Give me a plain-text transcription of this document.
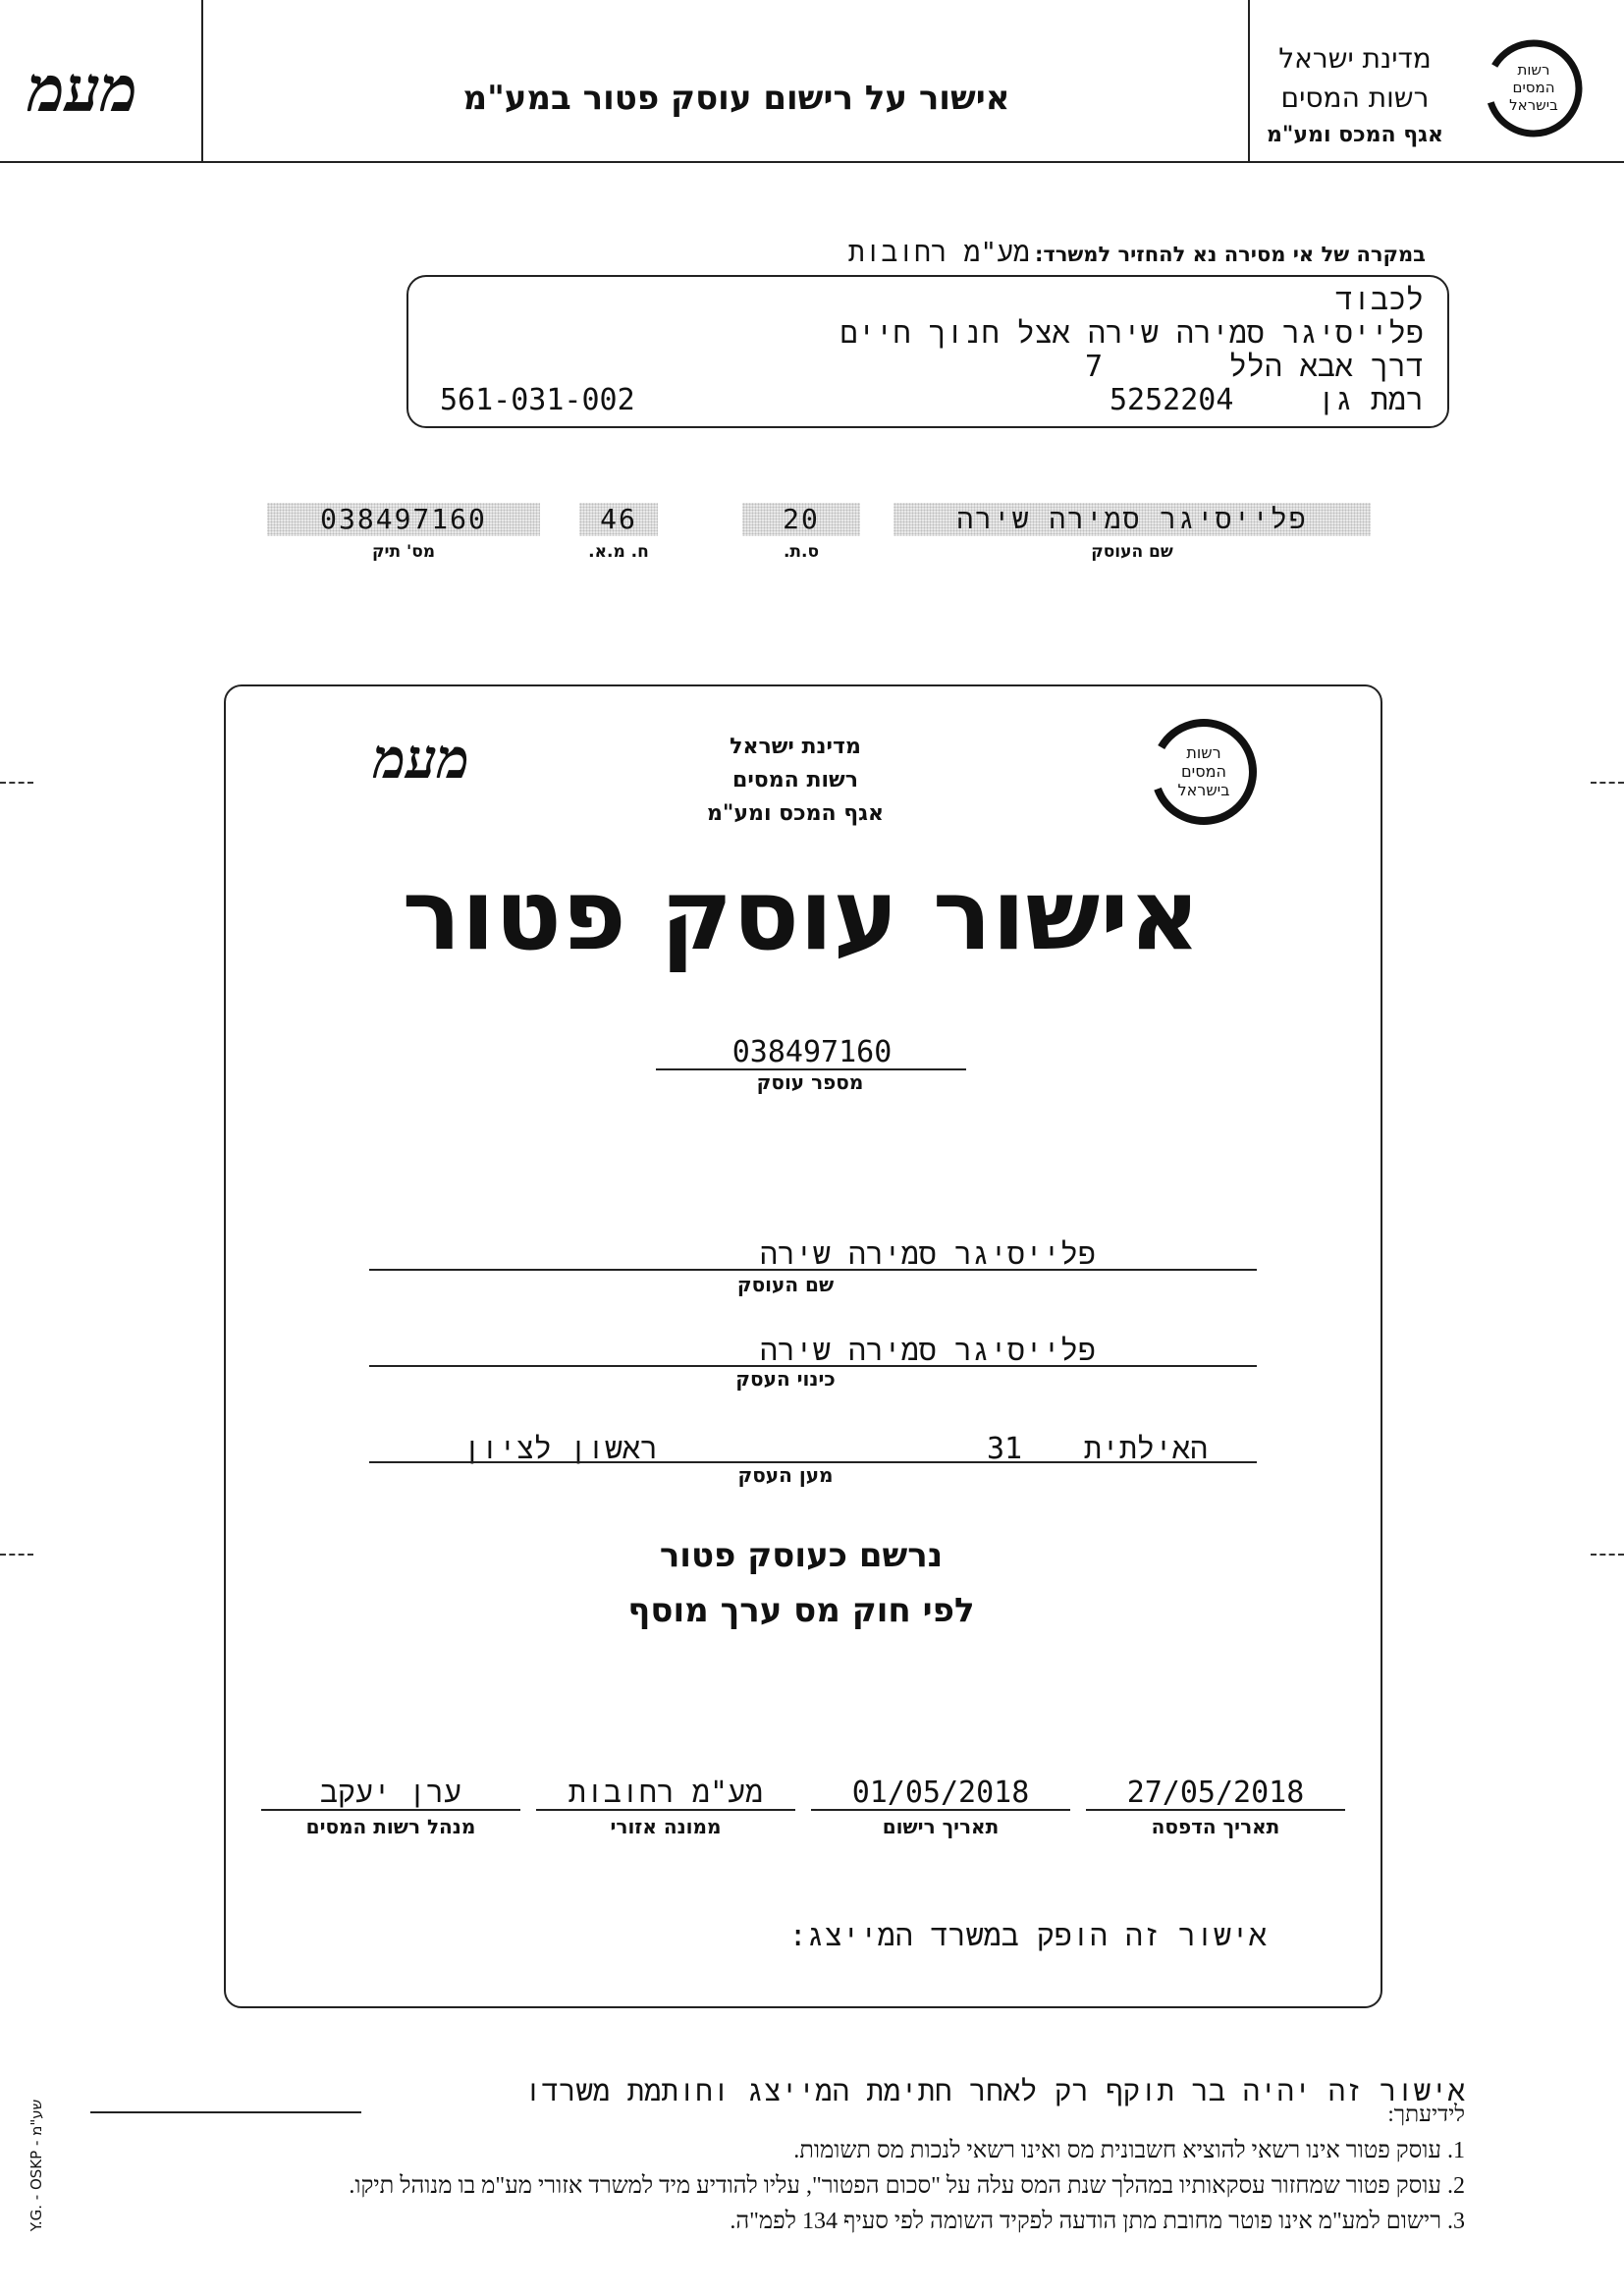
מעמ	אישור על רישום עוסק פטור במע"מ
מדינת ישראל
רשות המסים
אגף המכס ומע"מ
רשות
המסים
בישראל
במקרה של אי מסירה נא להחזיר למשרד: מע"מ רחובות
לכבוד
פלייסיגר סמירה שירה אצל חנוך חיים
דרך אבא הלל
7
רמת גן
5252204
561-031-002
038497160	46	20	פלייסיגר סמירה שירה
מס' תיק	ח. מ.א.	ס.ת.	שם העוסק
מעמ	מדינת ישראל
רשות המסים
אגף המכס ומע"מ
רשות
המסים
בישראל
אישור עוסק פטור
038497160
מספר עוסק
פלייסיגר סמירה שירה
שם העוסק
פלייסיגר סמירה שירה
כינוי העסק
האילתית
31
ראשון לציון
מען העסק
נרשם כעוסק פטור
לפי חוק מס ערך מוסף
27/05/2018
תאריך הדפסה
01/05/2018
תאריך רישום
מע"מ רחובות
ממונה אזורי
ערן יעקב
מנהל רשות המסים
אישור זה הופק במשרד המייצג:
אישור זה יהיה בר תוקף רק לאחר חתימת המייצג וחותמת משרדו
לידיעתך:
1. עוסק פטור אינו רשאי להוציא חשבונית מס ואינו רשאי לנכות מס תשומות.
2. עוסק פטור שמחזור עסקאותיו במהלך שנת המס עלה על "סכום הפטור", עליו להודיע מיד למשרד אזורי מע"מ בו מנוהל תיקו.
3. רישום למע"מ אינו פוטר מחובת מתן הודעה לפקיד השומה לפי סעיף 134 לפמ"ה.
Y.G. - OSKP - שע"מ
